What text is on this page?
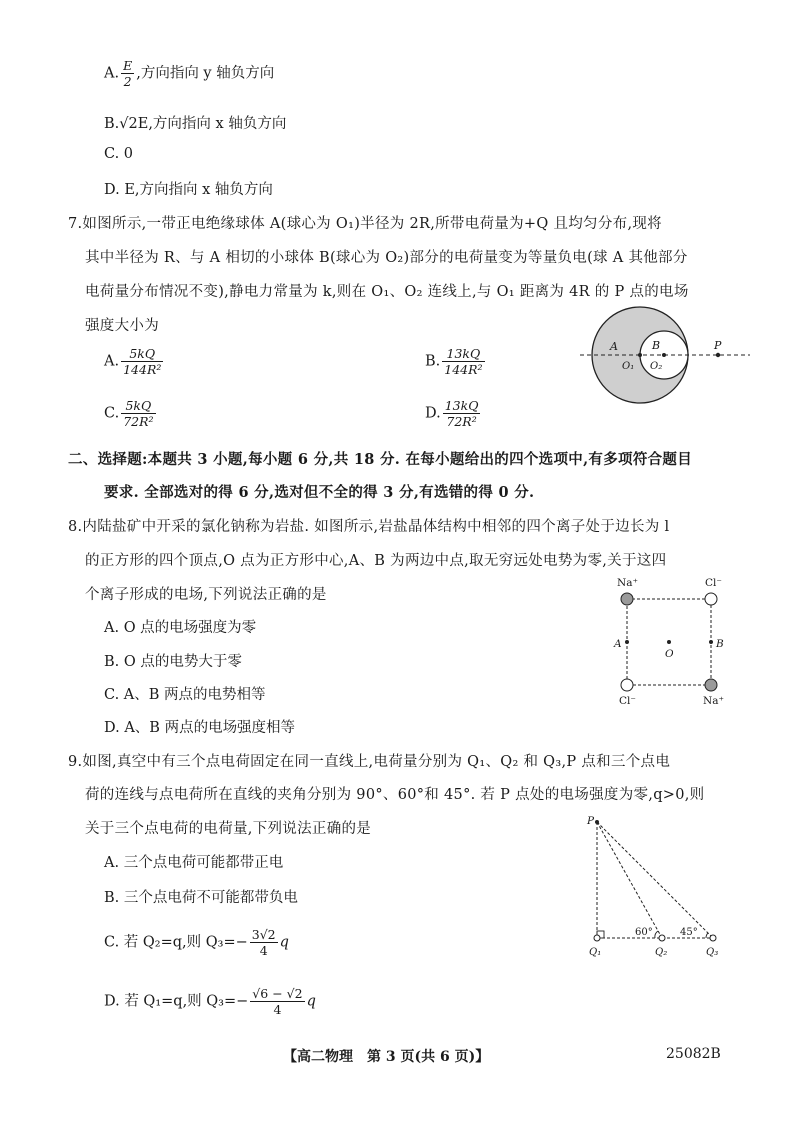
A. $\frac{E}{2}$ ,方向指向 y 轴负方向
B.√2E,方向指向 x 轴负方向
C. 0
D. E,方向指向 x 轴负方向
7.如图所示,一带正电绝缘球体 A(球心为 O₁)半径为 2R,所带电荷量为+Q 且均匀分布,现将
其中半径为 R、与 A 相切的小球体 B(球心为 O₂)部分的电荷量变为等量负电(球 A 其他部分
电荷量分布情况不变),静电力常量为 k,则在 O₁、O₂ 连线上,与 O₁ 距离为 4R 的 P 点的电场
强度大小为
A. $\frac{5kQ}{\text{144R²}}$	B. $\frac{13kQ}{\text{144R²}}$
C. $\frac{5kQ}{\text{72R²}}$	D. $\frac{13kQ}{\text{72R²}}$
A	B	P
O₁ O₂
二、选择题:本题共 3 小题,每小题 6 分,共 18 分. 在每小题给出的四个选项中,有多项符合题目
要求. 全部选对的得 6 分,选对但不全的得 3 分,有选错的得 0 分.
8.内陆盐矿中开采的氯化钠称为岩盐. 如图所示,岩盐晶体结构中相邻的四个离子处于边长为 l
的正方形的四个顶点,O 点为正方形中心,A、B 为两边中点,取无穷远处电势为零,关于这四
个离子形成的电场,下列说法正确的是
A. O 点的电场强度为零
B. O 点的电势大于零
C. A、B 两点的电势相等
D. A、B 两点的电场强度相等
Na⁺	Cl⁻
Cl⁻	Na⁺
A	B
O
9.如图,真空中有三个点电荷固定在同一直线上,电荷量分别为 Q₁、Q₂ 和 Q₃,P 点和三个点电
荷的连线与点电荷所在直线的夹角分别为 90°、60°和 45°. 若 P 点处的电场强度为零,q>0,则
关于三个点电荷的电荷量,下列说法正确的是
A. 三个点电荷可能都带正电
B. 三个点电荷不可能都带负电
C. 若 Q₂=q,则 $Q_3=- \frac{3√2}{4}$ q
D. 若 Q₁=q,则 $Q_3=- \frac{√6 - √2}{4}$ q
P
60°	45°
Q₁	Q₂	Q₃
【高二物理　第 3 页(共 6 页)】	25082B
